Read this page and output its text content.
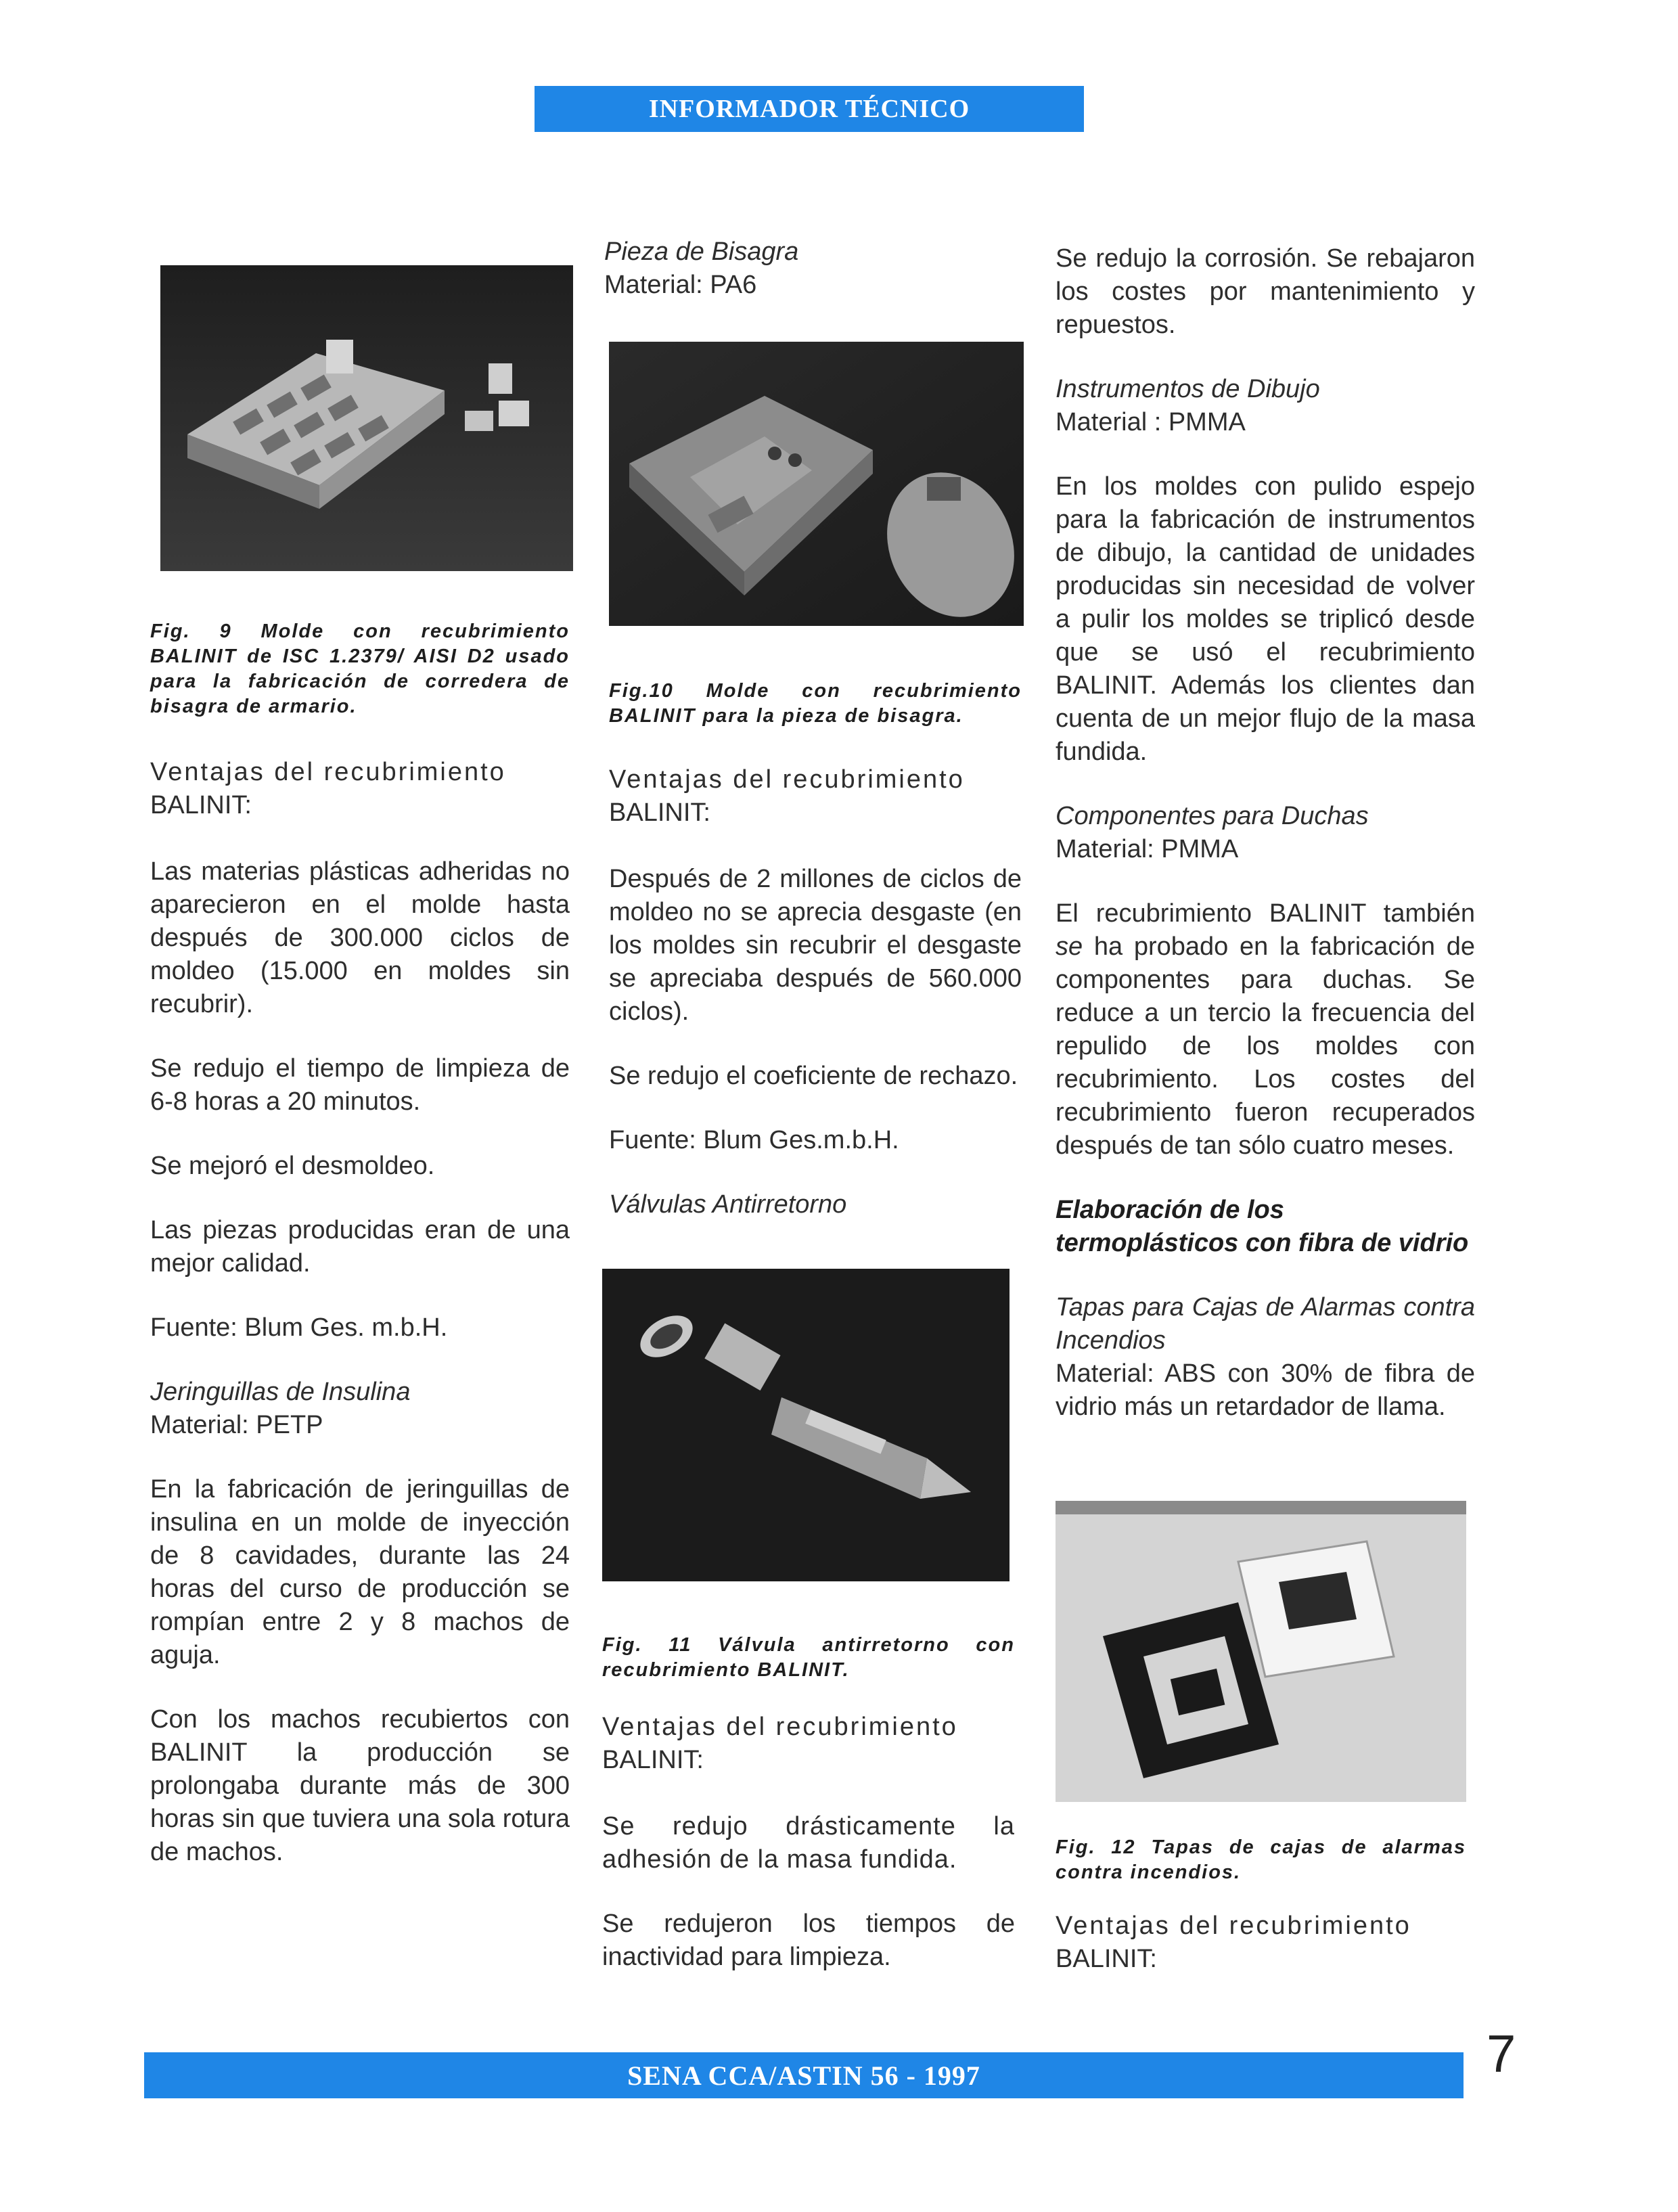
INFORMADOR TÉCNICO
SENA CCA/ASTIN 56 - 1997	7

Fig. 9 Molde con recubrimiento BALINIT de ISC 1.2379/ AISI D2 usado para la fabricación de corredera de bisagra de armario.

Ventajas del recubrimiento
BALINIT:

Las materias plásticas adheridas no aparecieron en el molde hasta después de 300.000 ciclos de moldeo (15.000 en moldes sin recubrir).

Se redujo el tiempo de limpieza de 6-8 horas a 20 minutos.

Se mejoró el desmoldeo.

Las piezas producidas eran de una mejor calidad.

Fuente: Blum Ges. m.b.H.

Jeringuillas de Insulina

Material: PETP

En la fabricación de jeringuillas de insulina en un molde de inyección de 8 cavidades, durante las 24 horas del curso de producción se rompían entre 2 y 8 machos de aguja.

Con los machos recubiertos con BALINIT la producción se prolongaba durante más de 300 horas sin que tuviera una sola rotura de machos.

Pieza de Bisagra

Material: PA6

Fig.10 Molde con recubrimiento BALINIT para la pieza de bisagra.

Ventajas del recubrimiento
BALINIT:

Después de 2 millones de ciclos de moldeo no se aprecia desgaste (en los moldes sin recubrir el desgaste se apreciaba después de 560.000 ciclos).

Se redujo el coeficiente de rechazo.

Fuente: Blum Ges.m.b.H.

Válvulas Antirretorno

Fig. 11 Válvula antirretorno con recubrimiento BALINIT.

Ventajas del recubrimiento
BALINIT:

Se redujo drásticamente la adhesión de la masa fundida.

Se redujeron los tiempos de inactividad para limpieza.

Se redujo la corrosión. Se rebajaron los costes por mantenimiento y repuestos.

Instrumentos de Dibujo

Material : PMMA

En los moldes con pulido espejo para la fabricación de instrumentos de dibujo, la cantidad de unidades producidas sin necesidad de volver a pulir los moldes se triplicó desde que se usó el recubrimiento BALINIT. Además los clientes dan cuenta de un mejor flujo de la masa fundida.

Componentes para Duchas

Material: PMMA

El recubrimiento BALINIT también se ha probado en la fabricación de componentes para duchas. Se reduce a un tercio la frecuencia del repulido de los moldes con recubrimiento. Los costes del recubrimiento fueron recuperados después de tan sólo cuatro meses.

Elaboración de los
termoplásticos con fibra de vidrio

Tapas para Cajas de Alarmas contra Incendios

Material: ABS con 30% de fibra de vidrio más un retardador de llama.

Fig. 12 Tapas de cajas de alarmas contra incendios.

Ventajas del recubrimiento
BALINIT:
